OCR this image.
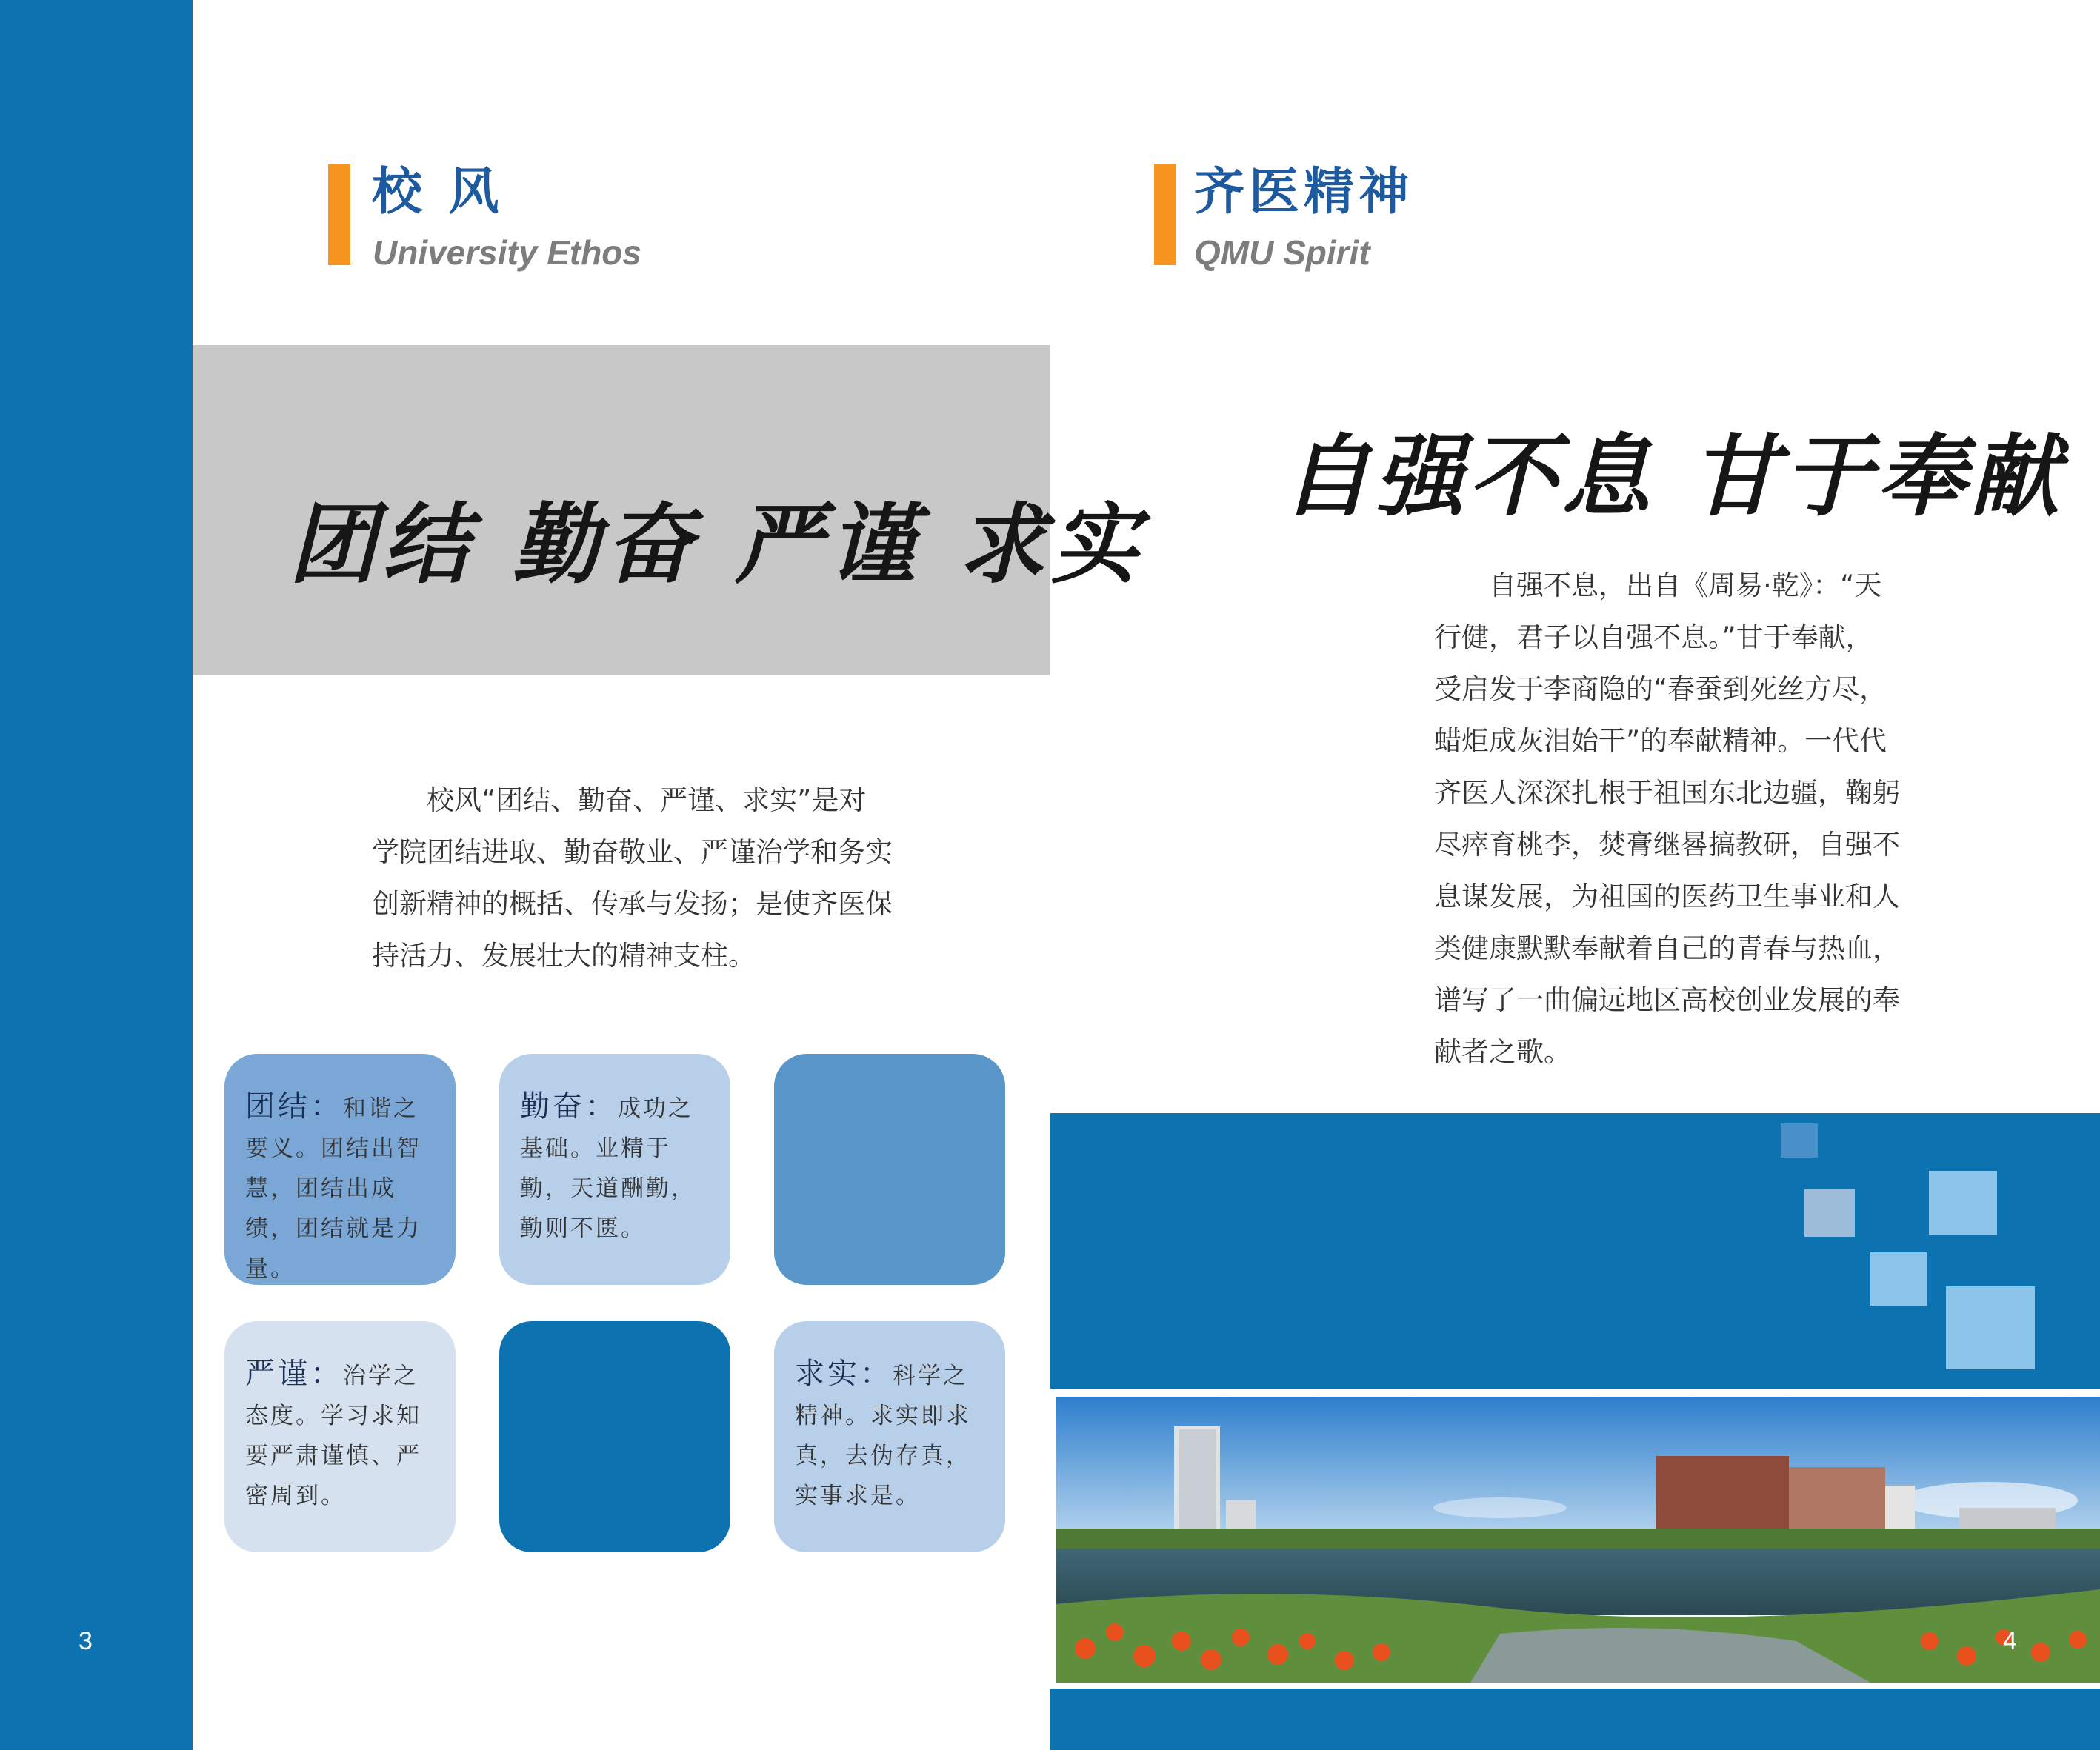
3
校 风
University Ethos
团结 勤奋 严谨 求实
　　校风“团结、勤奋、严谨、求实”是对
学院团结进取、勤奋敬业、严谨治学和务实
创新精神的概括、传承与发扬；是使齐医保
持活力、发展壮大的精神支柱。
团结：和谐之要义。团结出智慧，团结出成绩，团结就是力量。
勤奋：成功之基础。业精于勤，天道酬勤，勤则不匮。
严谨：治学之态度。学习求知要严肃谨慎、严密周到。
求实：科学之精神。求实即求真，去伪存真，实事求是。
齐医精神
QMU Spirit
自强不息 甘于奉献
　　自强不息，出自《周易·乾》：“天
行健，君子以自强不息。”甘于奉献，
受启发于李商隐的“春蚕到死丝方尽，
蜡炬成灰泪始干”的奉献精神。一代代
齐医人深深扎根于祖国东北边疆，鞠躬
尽瘁育桃李，焚膏继晷搞教研，自强不
息谋发展，为祖国的医药卫生事业和人
类健康默默奉献着自己的青春与热血，
谱写了一曲偏远地区高校创业发展的奉
献者之歌。
4
